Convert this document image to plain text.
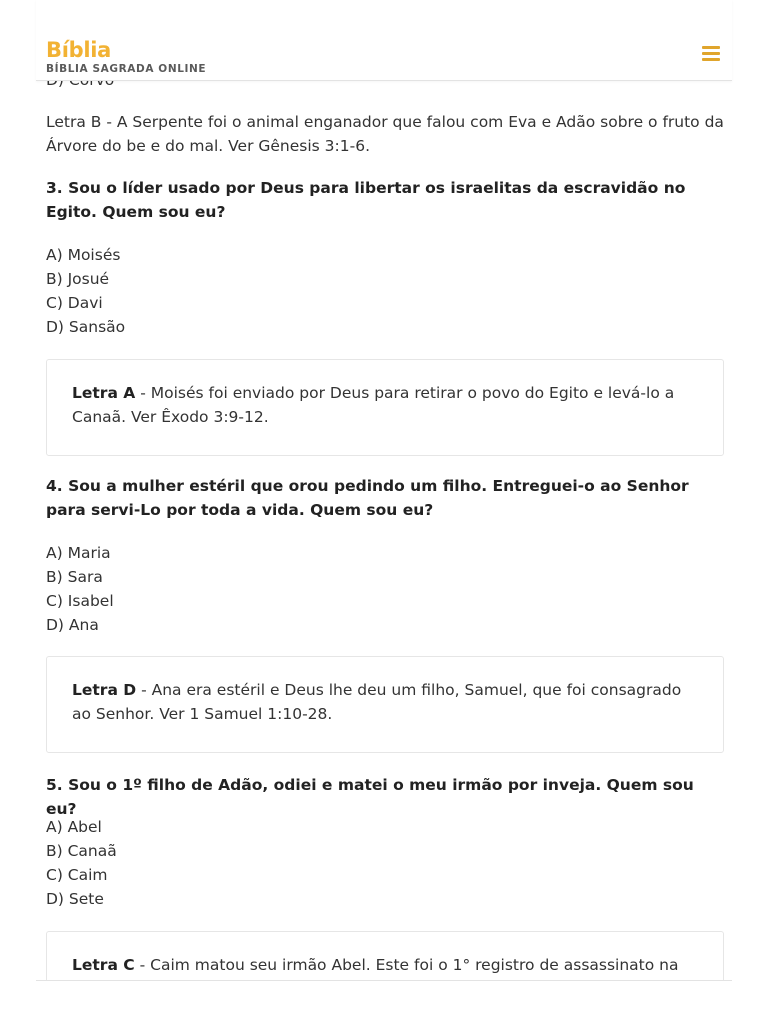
Letra B - A Serpente foi o animal enganador que falou com Eva e Adão sobre o fruto da Árvore do be e do mal. Ver Gênesis 3:1-6.

3. Sou o líder usado por Deus para libertar os israelitas da escravidão no Egito. Quem sou eu?
A) Moisés
B) Josué
C) Davi
D) Sansão
Letra A - Moisés foi enviado por Deus para retirar o povo do Egito e levá-lo a Canaã. Ver Êxodo 3:9-12.
4. Sou a mulher estéril que orou pedindo um filho. Entreguei-o ao Senhor para servi-Lo por toda a vida. Quem sou eu?
A) Maria
B) Sara
C) Isabel
D) Ana
Letra D - Ana era estéril e Deus lhe deu um filho, Samuel, que foi consagrado ao Senhor. Ver 1 Samuel 1:10-28.
5. Sou o 1º filho de Adão, odiei e matei o meu irmão por inveja. Quem sou eu?
A) Abel
B) Canaã
C) Caim
D) Sete
Letra C - Caim matou seu irmão Abel. Este foi o 1° registro de assassinato na
Bíblia
BÍBLIA SAGRADA ONLINE
